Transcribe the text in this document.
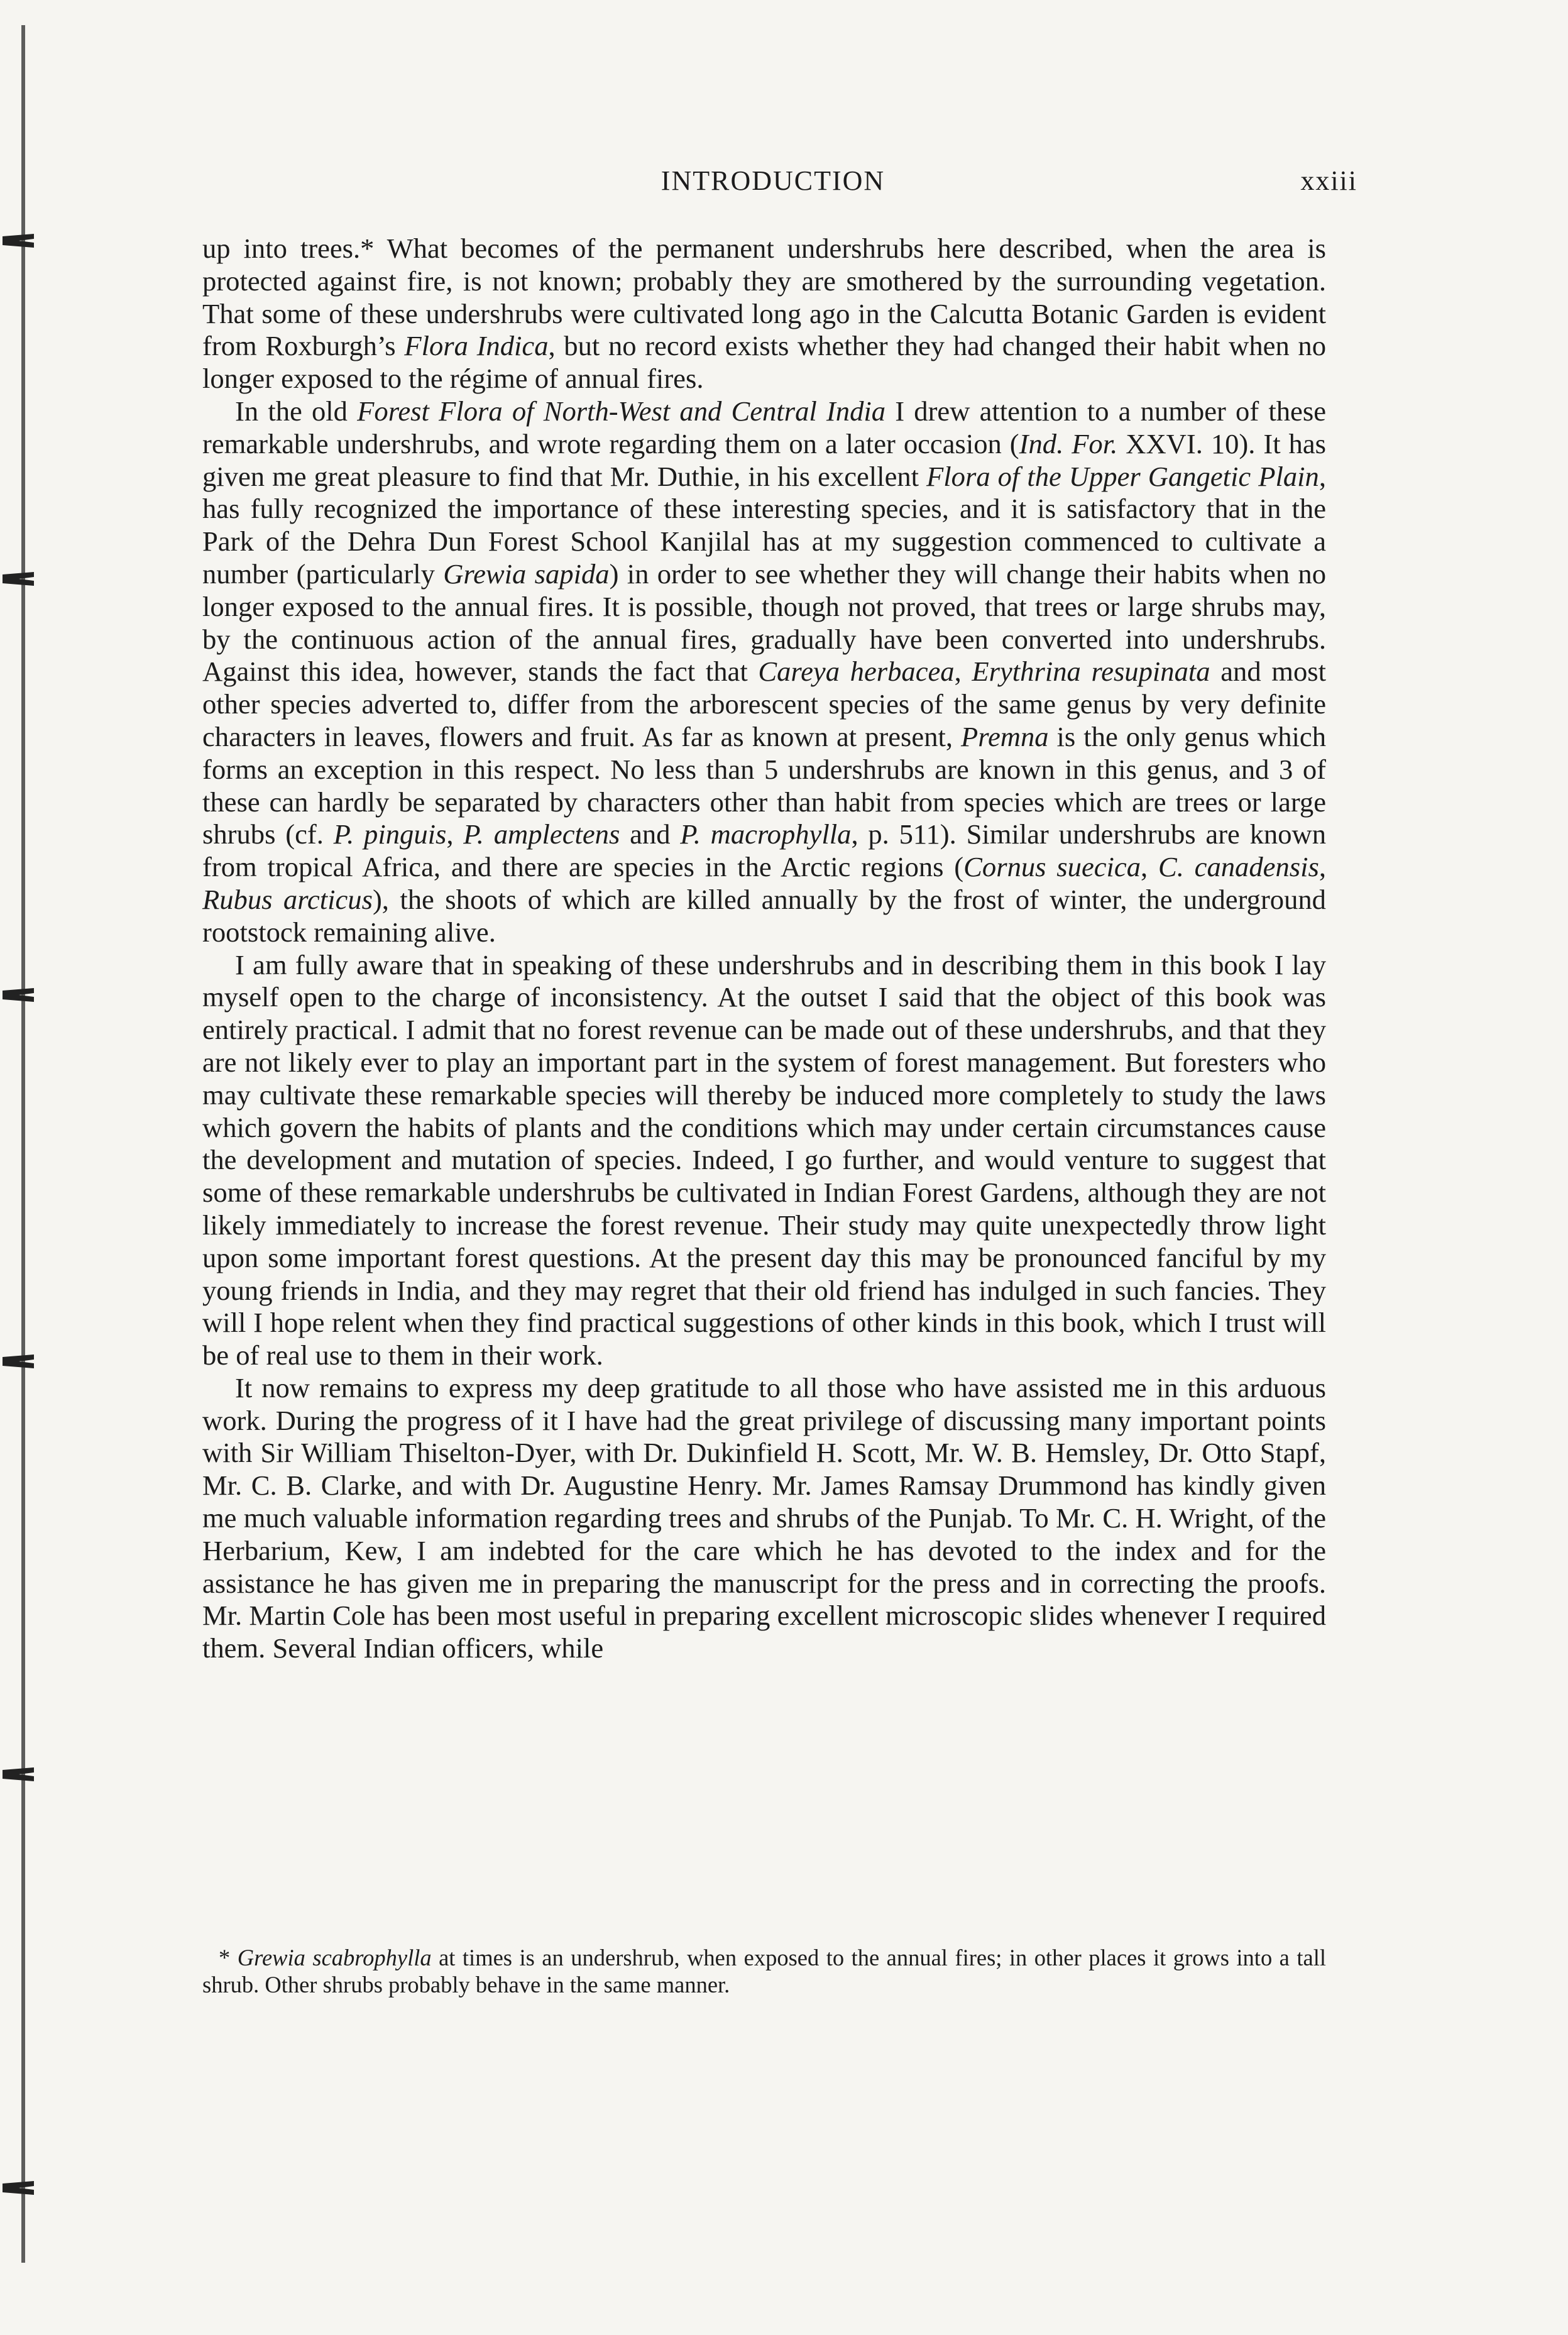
INTRODUCTION	xxiii

up into trees.* What becomes of the permanent undershrubs here described, when the area is protected against fire, is not known; probably they are smothered by the surrounding vegetation. That some of these undershrubs were cultivated long ago in the Calcutta Botanic Garden is evident from Roxburgh’s Flora Indica, but no record exists whether they had changed their habit when no longer exposed to the régime of annual fires.

In the old Forest Flora of North-West and Central India I drew attention to a number of these remarkable undershrubs, and wrote regarding them on a later occasion (Ind. For. XXVI. 10). It has given me great pleasure to find that Mr. Duthie, in his excellent Flora of the Upper Gangetic Plain, has fully recognized the importance of these interesting species, and it is satisfactory that in the Park of the Dehra Dun Forest School Kanjilal has at my suggestion commenced to cultivate a number (particularly Grewia sapida) in order to see whether they will change their habits when no longer exposed to the annual fires. It is possible, though not proved, that trees or large shrubs may, by the continuous action of the annual fires, gradually have been converted into undershrubs. Against this idea, however, stands the fact that Careya herbacea, Erythrina resupinata and most other species adverted to, differ from the arborescent species of the same genus by very definite characters in leaves, flowers and fruit. As far as known at present, Premna is the only genus which forms an exception in this respect. No less than 5 undershrubs are known in this genus, and 3 of these can hardly be separated by characters other than habit from species which are trees or large shrubs (cf. P. pinguis, P. amplectens and P. macrophylla, p. 511). Similar undershrubs are known from tropical Africa, and there are species in the Arctic regions (Cornus suecica, C. canadensis, Rubus arcticus), the shoots of which are killed annually by the frost of winter, the underground rootstock remaining alive.

I am fully aware that in speaking of these undershrubs and in describing them in this book I lay myself open to the charge of inconsistency. At the outset I said that the object of this book was entirely practical. I admit that no forest revenue can be made out of these undershrubs, and that they are not likely ever to play an important part in the system of forest management. But foresters who may cultivate these remarkable species will thereby be induced more completely to study the laws which govern the habits of plants and the conditions which may under certain circumstances cause the development and mutation of species. Indeed, I go further, and would venture to suggest that some of these remarkable undershrubs be cultivated in Indian Forest Gardens, although they are not likely immediately to increase the forest revenue. Their study may quite unexpectedly throw light upon some important forest questions. At the present day this may be pronounced fanciful by my young friends in India, and they may regret that their old friend has indulged in such fancies. They will I hope relent when they find practical suggestions of other kinds in this book, which I trust will be of real use to them in their work.

It now remains to express my deep gratitude to all those who have assisted me in this arduous work. During the progress of it I have had the great privilege of discussing many important points with Sir William Thiselton-Dyer, with Dr. Dukinfield H. Scott, Mr. W. B. Hemsley, Dr. Otto Stapf, Mr. C. B. Clarke, and with Dr. Augustine Henry. Mr. James Ramsay Drummond has kindly given me much valuable information regarding trees and shrubs of the Punjab. To Mr. C. H. Wright, of the Herbarium, Kew, I am indebted for the care which he has devoted to the index and for the assistance he has given me in preparing the manuscript for the press and in correcting the proofs. Mr. Martin Cole has been most useful in preparing excellent microscopic slides whenever I required them. Several Indian officers, while

* Grewia scabrophylla at times is an undershrub, when exposed to the annual fires; in other places it grows into a tall shrub. Other shrubs probably behave in the same manner.
